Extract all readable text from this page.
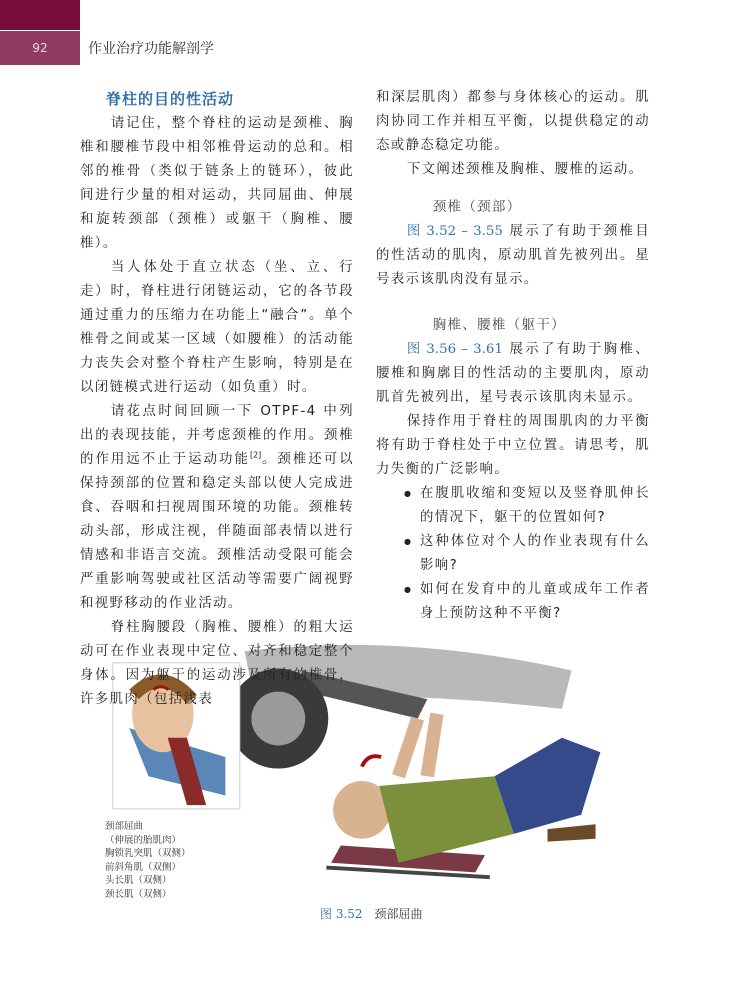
92	作业治疗功能解剖学
脊柱的目的性活动

请记住，整个脊柱的运动是颈椎、胸椎和腰椎节段中相邻椎骨运动的总和。相邻的椎骨（类似于链条上的链环），彼此间进行少量的相对运动，共同屈曲、伸展和旋转颈部（颈椎）或躯干（胸椎、腰椎）。

当人体处于直立状态（坐、立、行走）时，脊柱进行闭链运动，它的各节段通过重力的压缩力在功能上“融合”。单个椎骨之间或某一区域（如腰椎）的活动能力丧失会对整个脊柱产生影响，特别是在以闭链模式进行运动（如负重）时。

请花点时间回顾一下 OTPF-4 中列出的表现技能，并考虑颈椎的作用。颈椎的作用远不止于运动功能[2]。颈椎还可以保持颈部的位置和稳定头部以使人完成进食、吞咽和扫视周围环境的功能。颈椎转动头部，形成注视，伴随面部表情以进行情感和非语言交流。颈椎活动受限可能会严重影响驾驶或社区活动等需要广阔视野和视野移动的作业活动。

脊柱胸腰段（胸椎、腰椎）的粗大运动可在作业表现中定位、对齐和稳定整个身体。因为躯干的运动涉及所有的椎骨，许多肌肉（包括浅表

和深层肌肉）都参与身体核心的运动。肌肉协同工作并相互平衡，以提供稳定的动态或静态稳定功能。

下文阐述颈椎及胸椎、腰椎的运动。

颈椎（颈部）

图 3.52 – 3.55 展示了有助于颈椎目的性活动的肌肉，原动肌首先被列出。星号表示该肌肉没有显示。

胸椎、腰椎（躯干）

图 3.56 – 3.61 展示了有助于胸椎、腰椎和胸廓目的性活动的主要肌肉，原动肌首先被列出，星号表示该肌肉未显示。

保持作用于脊柱的周围肌肉的力平衡将有助于脊柱处于中立位置。请思考，肌力失衡的广泛影响。

● 在腹肌收缩和变短以及竖脊肌伸长的情况下，躯干的位置如何?
● 这种体位对个人的作业表现有什么影响?
● 如何在发育中的儿童或成年工作者身上预防这种不平衡?
颈部屈曲
（伸展的胎肌肉）
胸锁乳突肌（双侧）
前斜角肌（双侧）
头长肌（双侧）
颈长肌（双侧）
图 3.52 颈部屈曲
